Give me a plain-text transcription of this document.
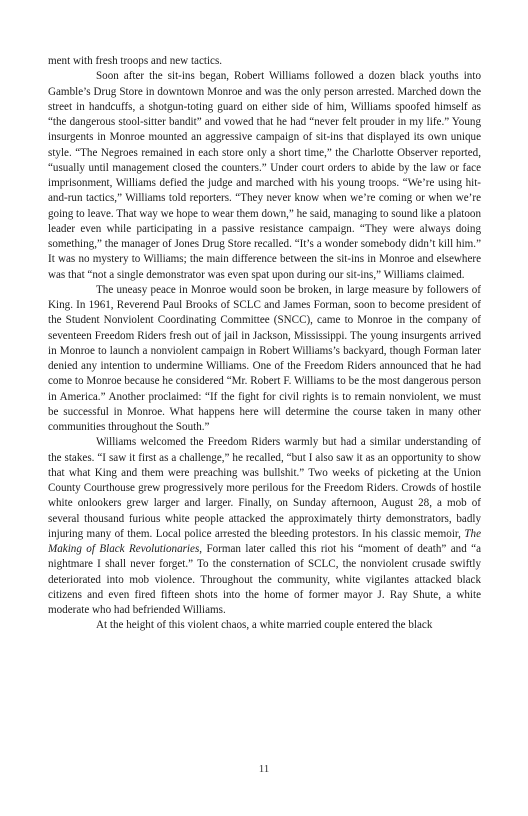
ment with fresh troops and new tactics.

Soon after the sit-ins began, Robert Williams followed a dozen black youths into Gamble’s Drug Store in downtown Monroe and was the only person arrested. Marched down the street in handcuffs, a shotgun-toting guard on either side of him, Williams spoofed himself as “the dangerous stool-sitter bandit” and vowed that he had “never felt prouder in my life.” Young insurgents in Monroe mounted an aggressive campaign of sit-ins that displayed its own unique style. “The Negroes remained in each store only a short time,” the Charlotte Observer reported, “usually until management closed the counters.” Under court orders to abide by the law or face imprisonment, Williams defied the judge and marched with his young troops. “We’re using hit-and-run tactics,” Williams told reporters. “They never know when we’re coming or when we’re going to leave. That way we hope to wear them down,” he said, managing to sound like a platoon leader even while participating in a passive resistance campaign. “They were always doing something,” the manager of Jones Drug Store recalled. “It’s a wonder somebody didn’t kill him.” It was no mystery to Williams; the main difference between the sit-ins in Monroe and elsewhere was that “not a single demonstrator was even spat upon during our sit-ins,” Williams claimed.

The uneasy peace in Monroe would soon be broken, in large measure by followers of King. In 1961, Reverend Paul Brooks of SCLC and James Forman, soon to become president of the Student Nonviolent Coordinating Committee (SNCC), came to Monroe in the company of seventeen Freedom Riders fresh out of jail in Jackson, Mississippi. The young insurgents arrived in Monroe to launch a nonviolent campaign in Robert Williams’s backyard, though Forman later denied any intention to undermine Williams. One of the Freedom Riders announced that he had come to Monroe because he considered “Mr. Robert F. Williams to be the most dangerous person in America.” Another proclaimed: “If the fight for civil rights is to remain nonviolent, we must be successful in Monroe. What happens here will determine the course taken in many other communities throughout the South.”

Williams welcomed the Freedom Riders warmly but had a similar understanding of the stakes. “I saw it first as a challenge,” he recalled, “but I also saw it as an opportunity to show that what King and them were preaching was bullshit.” Two weeks of picketing at the Union County Courthouse grew progressively more perilous for the Freedom Riders. Crowds of hostile white onlookers grew larger and larger. Finally, on Sunday afternoon, August 28, a mob of several thousand furious white people attacked the approximately thirty demonstrators, badly injuring many of them. Local police arrested the bleeding protestors. In his classic memoir, The Making of Black Revolutionaries, Forman later called this riot his “moment of death” and “a nightmare I shall never forget.” To the consternation of SCLC, the nonviolent crusade swiftly deteriorated into mob violence. Throughout the community, white vigilantes attacked black citizens and even fired fifteen shots into the home of former mayor J. Ray Shute, a white moderate who had befriended Williams.

At the height of this violent chaos, a white married couple entered the black

11
